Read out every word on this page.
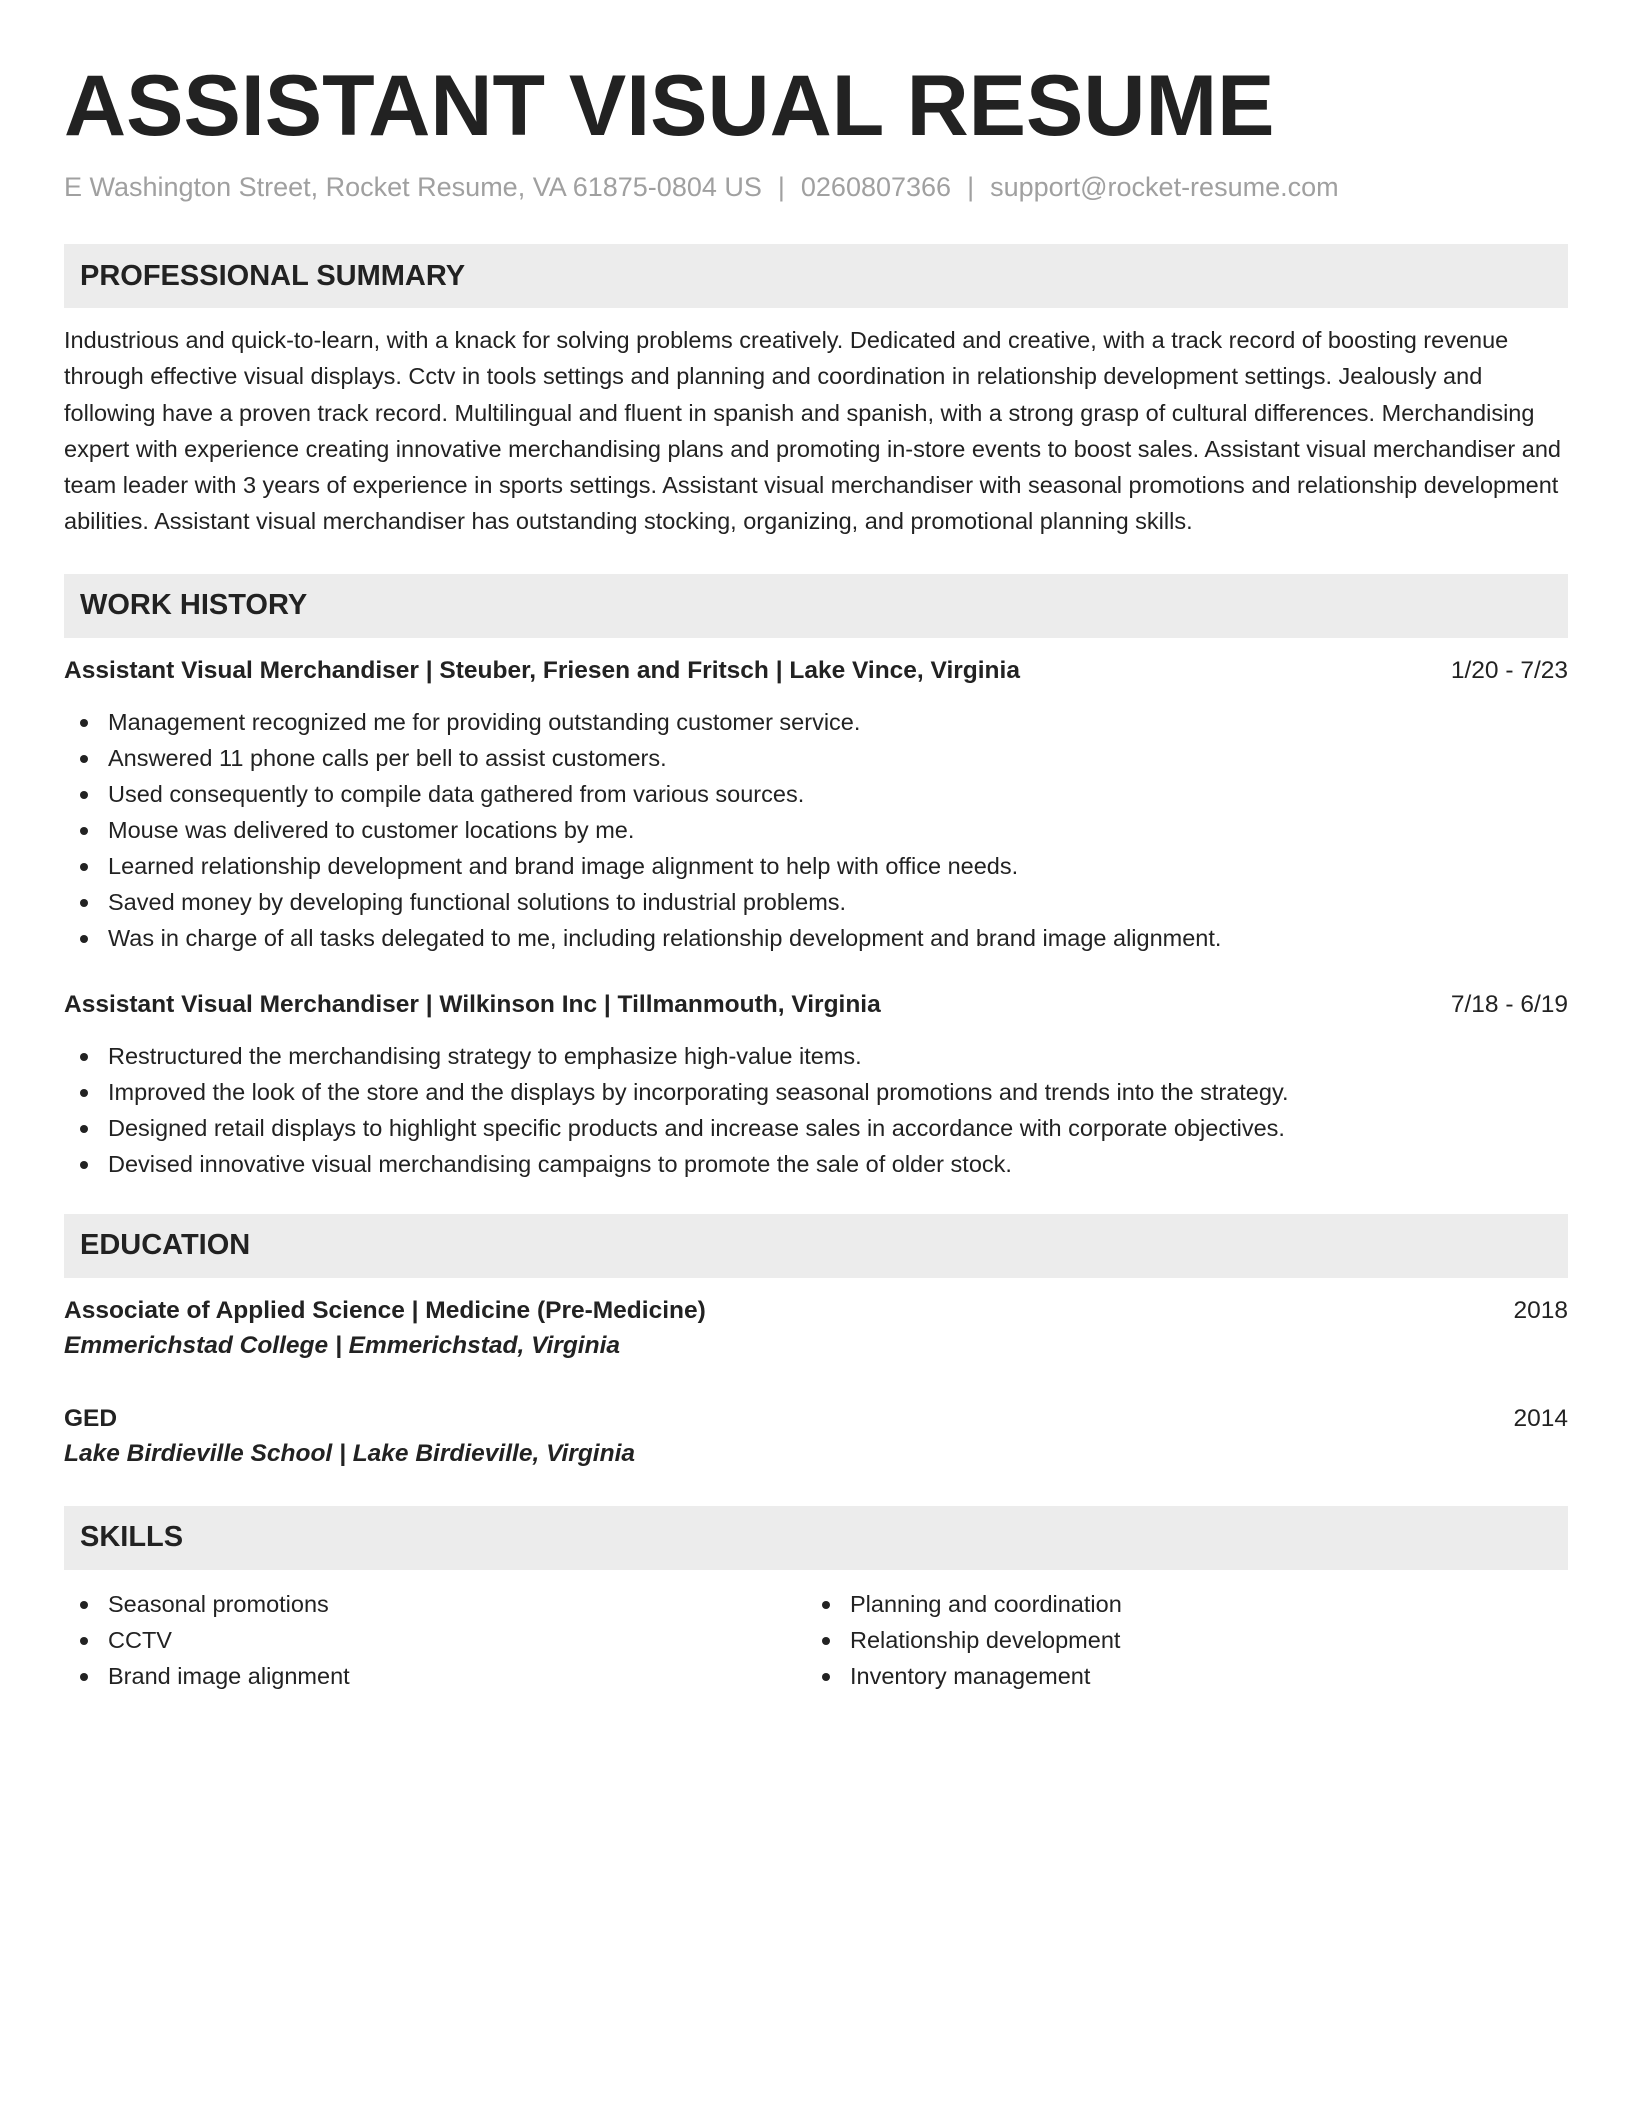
ASSISTANT VISUAL RESUME
E Washington Street, Rocket Resume, VA 61875-0804 US | 0260807366 | support@rocket-resume.com
PROFESSIONAL SUMMARY

Industrious and quick-to-learn, with a knack for solving problems creatively. Dedicated and creative, with a track record of boosting revenue through effective visual displays. Cctv in tools settings and planning and coordination in relationship development settings. Jealously and following have a proven track record. Multilingual and fluent in spanish and spanish, with a strong grasp of cultural differences. Merchandising expert with experience creating innovative merchandising plans and promoting in-store events to boost sales. Assistant visual merchandiser and team leader with 3 years of experience in sports settings. Assistant visual merchandiser with seasonal promotions and relationship development abilities. Assistant visual merchandiser has outstanding stocking, organizing, and promotional planning skills.

WORK HISTORY
Assistant Visual Merchandiser | Steuber, Friesen and Fritsch | Lake Vince, Virginia	1/20 - 7/23
Management recognized me for providing outstanding customer service.
Answered 11 phone calls per bell to assist customers.
Used consequently to compile data gathered from various sources.
Mouse was delivered to customer locations by me.
Learned relationship development and brand image alignment to help with office needs.
Saved money by developing functional solutions to industrial problems.
Was in charge of all tasks delegated to me, including relationship development and brand image alignment.
Assistant Visual Merchandiser | Wilkinson Inc | Tillmanmouth, Virginia	7/18 - 6/19
Restructured the merchandising strategy to emphasize high-value items.
Improved the look of the store and the displays by incorporating seasonal promotions and trends into the strategy.
Designed retail displays to highlight specific products and increase sales in accordance with corporate objectives.
Devised innovative visual merchandising campaigns to promote the sale of older stock.
EDUCATION
Associate of Applied Science | Medicine (Pre-Medicine)	2018
Emmerichstad College | Emmerichstad, Virginia
GED	2014
Lake Birdieville School | Lake Birdieville, Virginia
SKILLS
Seasonal promotions
CCTV
Brand image alignment
Planning and coordination
Relationship development
Inventory management
